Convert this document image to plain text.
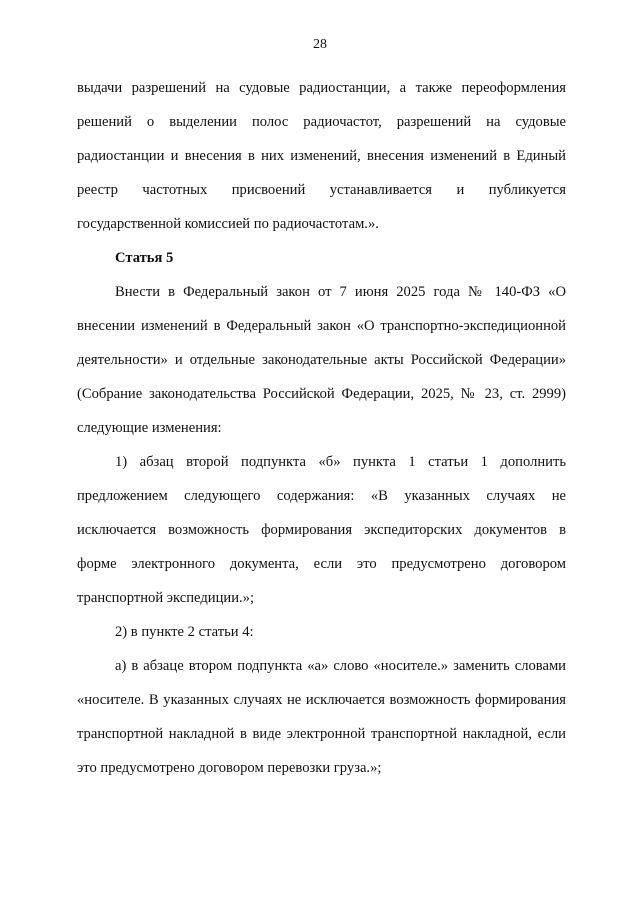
28

выдачи разрешений на судовые радиостанции, а также переоформления решений о выделении полос радиочастот, разрешений на судовые радиостанции и внесения в них изменений, внесения изменений в Единый реестр частотных присвоений устанавливается и публикуется государственной комиссией по радиочастотам.».

Статья 5

Внести в Федеральный закон от 7 июня 2025 года № 140-ФЗ «О внесении изменений в Федеральный закон «О транспортно-экспедиционной деятельности» и отдельные законодательные акты Российской Федерации» (Собрание законодательства Российской Федерации, 2025, № 23, ст. 2999) следующие изменения:

1) абзац второй подпункта «б» пункта 1 статьи 1 дополнить предложением следующего содержания: «В указанных случаях не исключается возможность формирования экспедиторских документов в форме электронного документа, если это предусмотрено договором транспортной экспедиции.»;

2) в пункте 2 статьи 4:

а) в абзаце втором подпункта «а» слово «носителе.» заменить словами «носителе. В указанных случаях не исключается возможность формирования транспортной накладной в виде электронной транспортной накладной, если это предусмотрено договором перевозки груза.»;
